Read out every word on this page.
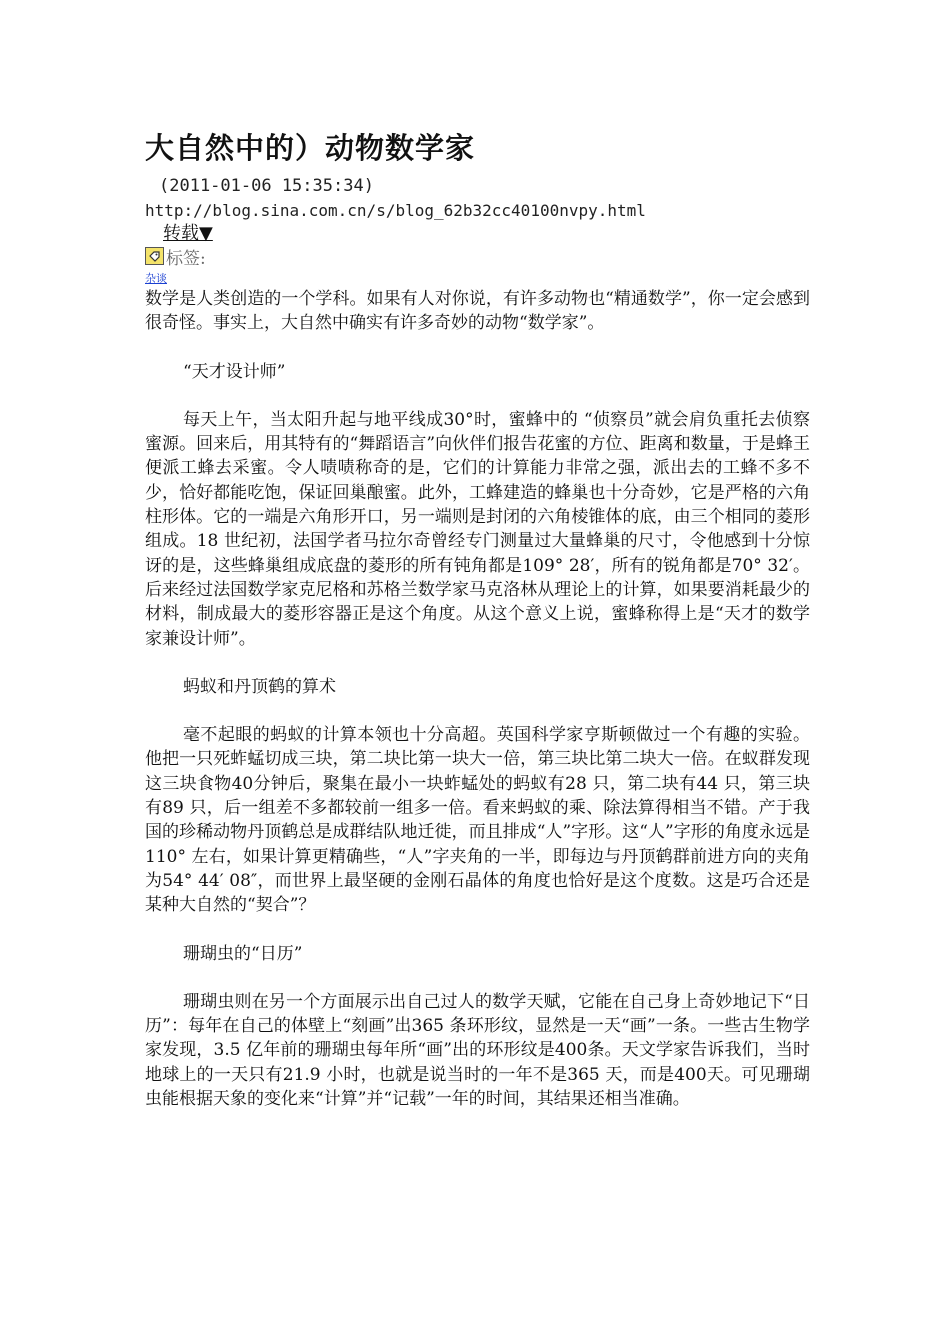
大自然中的）动物数学家
(2011-01-06 15:35:34)
http://blog.sina.com.cn/s/blog_62b32cc40100nvpy.html
转载▼
标签:
杂谈

数学是人类创造的一个学科。如果有人对你说，有许多动物也“精通数学”，你一定会感到很奇怪。事实上，大自然中确实有许多奇妙的动物“数学家”。

“天才设计师”

每天上午，当太阳升起与地平线成30°时，蜜蜂中的 “侦察员”就会肩负重托去侦察蜜源。回来后，用其特有的“舞蹈语言”向伙伴们报告花蜜的方位、距离和数量，于是蜂王便派工蜂去采蜜。令人啧啧称奇的是，它们的计算能力非常之强，派出去的工蜂不多不少，恰好都能吃饱，保证回巢酿蜜。此外，工蜂建造的蜂巢也十分奇妙，它是严格的六角柱形体。它的一端是六角形开口，另一端则是封闭的六角棱锥体的底，由三个相同的菱形组成。18 世纪初，法国学者马拉尔奇曾经专门测量过大量蜂巢的尺寸，令他感到十分惊讶的是，这些蜂巢组成底盘的菱形的所有钝角都是109° 28′，所有的锐角都是70° 32′。后来经过法国数学家克尼格和苏格兰数学家马克洛林从理论上的计算，如果要消耗最少的材料，制成最大的菱形容器正是这个角度。从这个意义上说，蜜蜂称得上是“天才的数学家兼设计师”。

蚂蚁和丹顶鹤的算术

毫不起眼的蚂蚁的计算本领也十分高超。英国科学家亨斯顿做过一个有趣的实验。他把一只死蚱蜢切成三块，第二块比第一块大一倍，第三块比第二块大一倍。在蚁群发现这三块食物40分钟后，聚集在最小一块蚱蜢处的蚂蚁有28 只，第二块有44 只，第三块有89 只，后一组差不多都较前一组多一倍。看来蚂蚁的乘、除法算得相当不错。产于我国的珍稀动物丹顶鹤总是成群结队地迁徙，而且排成“人”字形。这“人”字形的角度永远是110° 左右，如果计算更精确些，“人”字夹角的一半，即每边与丹顶鹤群前进方向的夹角为54° 44′ 08″，而世界上最坚硬的金刚石晶体的角度也恰好是这个度数。这是巧合还是某种大自然的“契合”？

珊瑚虫的“日历”

珊瑚虫则在另一个方面展示出自己过人的数学天赋，它能在自己身上奇妙地记下“日历”：每年在自己的体壁上“刻画”出365 条环形纹，显然是一天“画”一条。一些古生物学家发现，3.5 亿年前的珊瑚虫每年所“画”出的环形纹是400条。天文学家告诉我们，当时地球上的一天只有21.9 小时，也就是说当时的一年不是365 天，而是400天。可见珊瑚虫能根据天象的变化来“计算”并“记载”一年的时间，其结果还相当准确。
